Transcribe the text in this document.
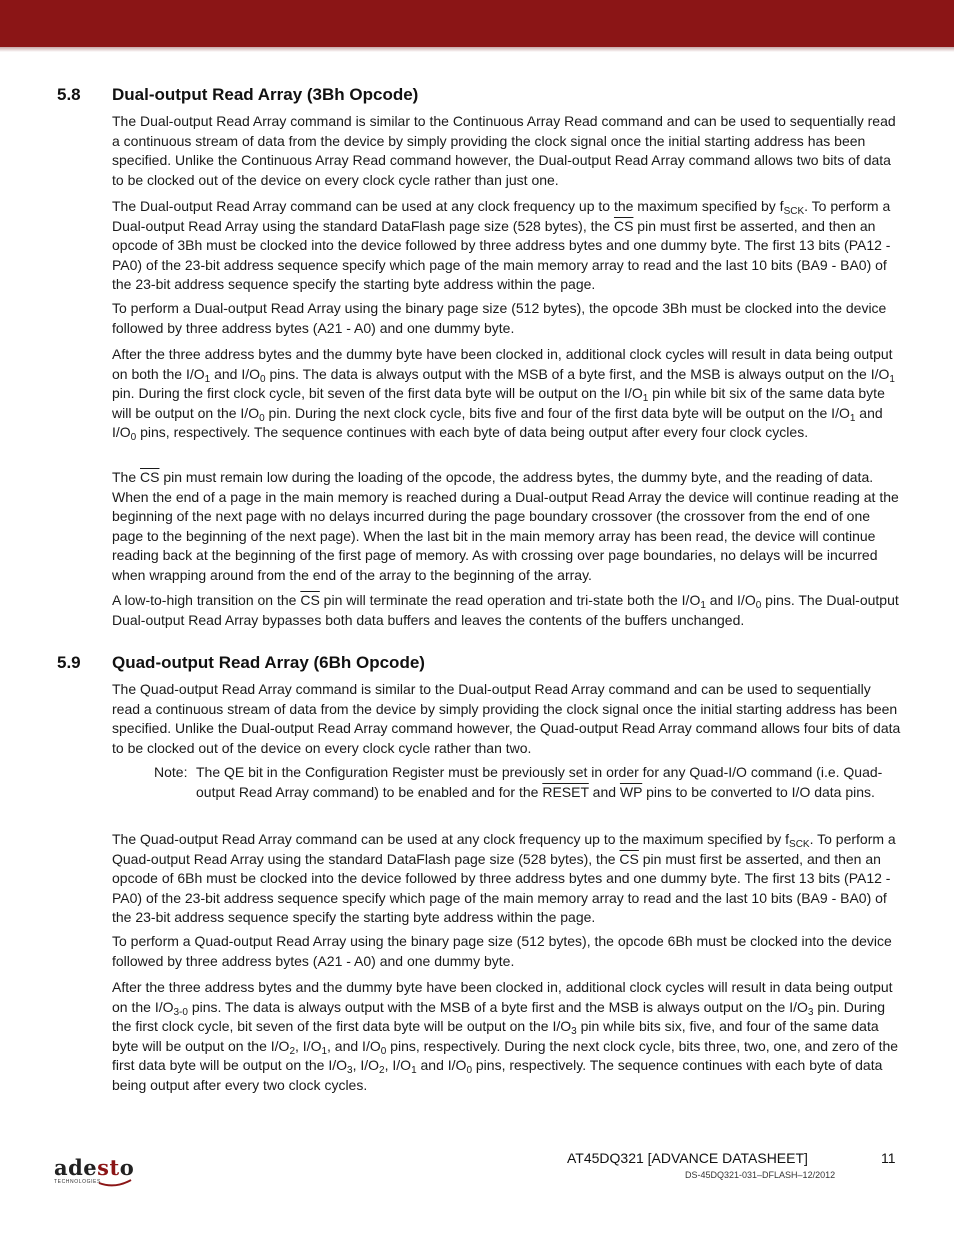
5.8 Dual-output Read Array (3Bh Opcode)

The Dual-output Read Array command is similar to the Continuous Array Read command and can be used to sequentially read a continuous stream of data from the device by simply providing the clock signal once the initial starting address has been specified. Unlike the Continuous Array Read command however, the Dual-output Read Array command allows two bits of data to be clocked out of the device on every clock cycle rather than just one.

The Dual-output Read Array command can be used at any clock frequency up to the maximum specified by $f_{SCK}$. To perform a Dual-output Read Array using the standard DataFlash page size (528 bytes), the $\overline{CS}$ pin must first be asserted, and then an opcode of 3Bh must be clocked into the device followed by three address bytes and one dummy byte. The first 13 bits (PA12 - PA0) of the 23-bit address sequence specify which page of the main memory array to read and the last 10 bits (BA9 - BA0) of the 23-bit address sequence specify the starting byte address within the page.

To perform a Dual-output Read Array using the binary page size (512 bytes), the opcode 3Bh must be clocked into the device followed by three address bytes (A21 - A0) and one dummy byte.

After the three address bytes and the dummy byte have been clocked in, additional clock cycles will result in data being output on both the $I/O_1$ and $I/O_0$ pins. The data is always output with the MSB of a byte first, and the MSB is always output on the $I/O_1$ pin. During the first clock cycle, bit seven of the first data byte will be output on the $I/O_1$ pin while bit six of the same data byte will be output on the $I/O_0$ pin. During the next clock cycle, bits five and four of the first data byte will be output on the $I/O_1$ and $I/O_0$ pins, respectively. The sequence continues with each byte of data being output after every four clock cycles.

The $\overline{CS}$ pin must remain low during the loading of the opcode, the address bytes, the dummy byte, and the reading of data. When the end of a page in the main memory is reached during a Dual-output Read Array the device will continue reading at the beginning of the next page with no delays incurred during the page boundary crossover (the crossover from the end of one page to the beginning of the next page). When the last bit in the main memory array has been read, the device will continue reading back at the beginning of the first page of memory. As with crossing over page boundaries, no delays will be incurred when wrapping around from the end of the array to the beginning of the array.

A low-to-high transition on the $\overline{CS}$ pin will terminate the read operation and tri-state both the $I/O_1$ and $I/O_0$ pins. The Dual-output Dual-output Read Array bypasses both data buffers and leaves the contents of the buffers unchanged.

5.9 Quad-output Read Array (6Bh Opcode)

The Quad-output Read Array command is similar to the Dual-output Read Array command and can be used to sequentially read a continuous stream of data from the device by simply providing the clock signal once the initial starting address has been specified. Unlike the Dual-output Read Array command however, the Quad-output Read Array command allows four bits of data to be clocked out of the device on every clock cycle rather than two.

Note: The QE bit in the Configuration Register must be previously set in order for any Quad-I/O command (i.e. Quad-output Read Array command) to be enabled and for the RESET and $\overline{WP}$ pins to be converted to I/O data pins.

The Quad-output Read Array command can be used at any clock frequency up to the maximum specified by $f_{SCK}$. To perform a Quad-output Read Array using the standard DataFlash page size (528 bytes), the $\overline{CS}$ pin must first be asserted, and then an opcode of 6Bh must be clocked into the device followed by three address bytes and one dummy byte. The first 13 bits (PA12 - PA0) of the 23-bit address sequence specify which page of the main memory array to read and the last 10 bits (BA9 - BA0) of the 23-bit address sequence specify the starting byte address within the page.

To perform a Quad-output Read Array using the binary page size (512 bytes), the opcode 6Bh must be clocked into the device followed by three address bytes (A21 - A0) and one dummy byte.

After the three address bytes and the dummy byte have been clocked in, additional clock cycles will result in data being output on the $I/O_{3-0}$ pins. The data is always output with the MSB of a byte first and the MSB is always output on the $I/O_3$ pin. During the first clock cycle, bit seven of the first data byte will be output on the $I/O_3$ pin while bits six, five, and four of the same data byte will be output on the $I/O_2$, $I/O_1$, and $I/O_0$ pins, respectively. During the next clock cycle, bits three, two, one, and zero of the first data byte will be output on the $I/O_3$, $I/O_2$, $I/O_1$ and $I/O_0$ pins, respectively. The sequence continues with each byte of data being output after every two clock cycles.

adesto
TECHNOLOGIES
AT45DQ321 [ADVANCE DATASHEET]	11
DS-45DQ321-031–DFLASH–12/2012
